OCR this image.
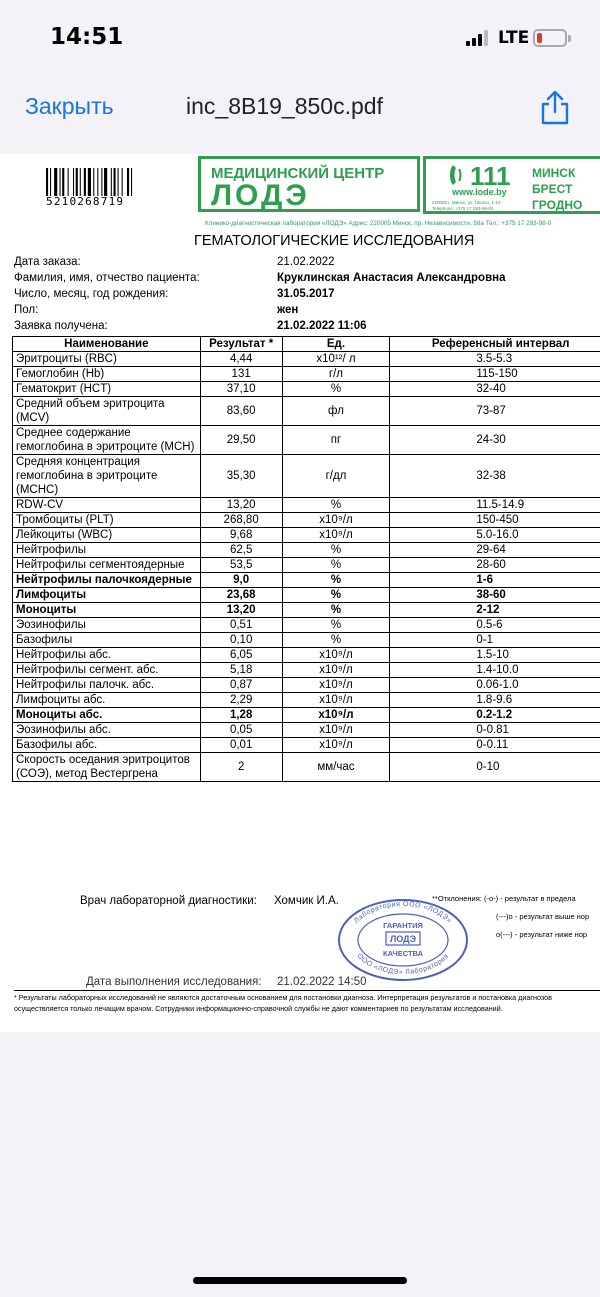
14:51	LTE
Закрыть	inc_8B19_850c.pdf
5210268719
МЕДИЦИНСКИЙ ЦЕНТР
ЛОДЭ
111
www.lode.by
220005 г. Минск, ул. Гикало, 1-10
Telephone: +375 17 293-98-00
МИНСК
БРЕСТ
ГРОДНО
Клинико-диагностическая лаборатория «ЛОДЭ» Адрес: 220005 Минск, пр. Независимости, 58а Тел.: +375 17 293-98-0
ГЕМАТОЛОГИЧЕСКИЕ ИССЛЕДОВАНИЯ
Дата заказа:	21.02.2022
Фамилия, имя, отчество пациента:	Круклинская Анастасия Александровна
Число, месяц, год рождения:	31.05.2017
Пол:	жен
Заявка получена:	21.02.2022 11:06
Наименование	Результат *	Ед.	Референсный интервал
Эритроциты (RBC)	4,44	x10¹²/ л	3.5-5.3
Гемоглобин (Hb)	131	г/л	115-150
Гематокрит (HCT)	37,10	%	32-40
Средний объем эритроцита (MCV)	83,60	фл	73-87
Среднее содержание гемоглобина в эритроците (MCH)	29,50	пг	24-30
Средняя концентрация гемоглобина в эритроците (MCHC)	35,30	г/дл	32-38
RDW-CV	13,20	%	11.5-14.9
Тромбоциты (PLT)	268,80	x10⁹/л	150-450
Лейкоциты (WBC)	9,68	x10⁹/л	5.0-16.0
Нейтрофилы	62,5	%	29-64
Нейтрофилы сегментоядерные	53,5	%	28-60
Нейтрофилы палочкоядерные	9,0	%	1-6
Лимфоциты	23,68	%	38-60
Моноциты	13,20	%	2-12
Эозинофилы	0,51	%	0.5-6
Базофилы	0,10	%	0-1
Нейтрофилы абс.	6,05	x10⁹/л	1.5-10
Нейтрофилы сегмент. абс.	5,18	x10⁹/л	1.4-10.0
Нейтрофилы палочк. абс.	0,87	x10⁹/л	0.06-1.0
Лимфоциты абс.	2,29	x10⁹/л	1.8-9.6
Моноциты абс.	1,28	x10⁹/л	0.2-1.2
Эозинофилы абс.	0,05	x10⁹/л	0-0.81
Базофилы абс.	0,01	x10⁹/л	0-0.11
Скорость оседания эритроцитов (СОЭ), метод Вестергрена	2	мм/час	0-10
Врач лабораторной диагностики: Хомчик И.А.	**Отклонения: (-о-) - результат в предела
(---)о - результат выше нор
о(---) - результат ниже нор
Лаборатория ООО «ЛОДЭ»
ООО «ЛОДЭ» Лаборатория
ГАРАНТИЯ
ЛОДЭ
КАЧЕСТВА
Дата выполнения исследования: 21.02.2022 14:50
* Результаты лабораторных исследований не являются достаточным основанием для постановки диагноза. Интерпретация результатов и постановка диагнозов осуществляется только лечащим врачом. Сотрудники информационно-справочной службы не дают комментариев по результатам исследований.
